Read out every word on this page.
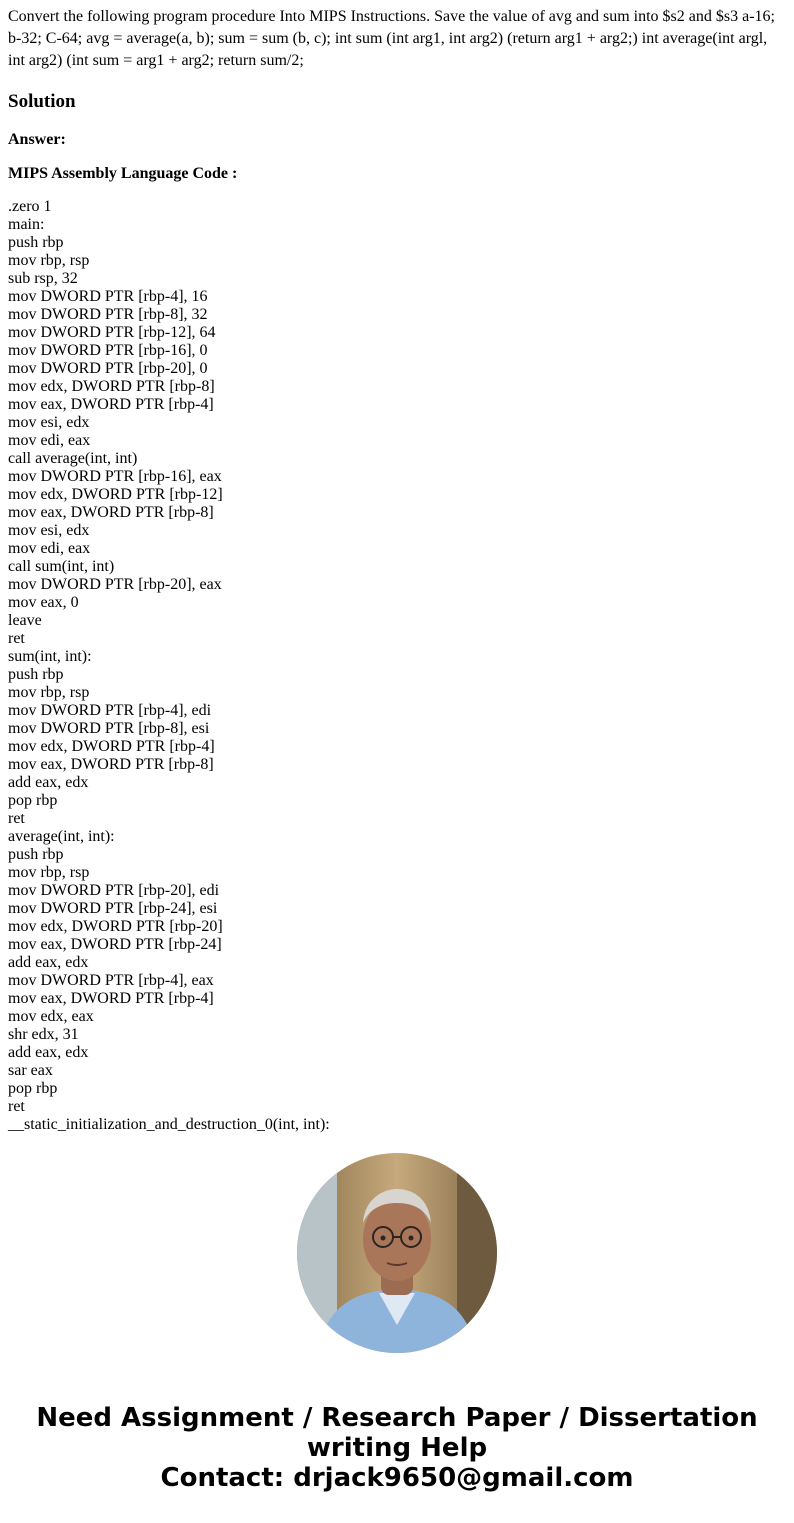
Convert the following program procedure Into MIPS Instructions. Save the value of avg and sum into $s2 and $s3 a-16; b-32; C-64; avg = average(a, b); sum = sum (b, c); int sum (int arg1, int arg2) (return arg1 + arg2;) int average(int argl, int arg2) (int sum = arg1 + arg2; return sum/2;

Solution

Answer:

MIPS Assembly Language Code :

.zero 1
main:
push rbp
mov rbp, rsp
sub rsp, 32
mov DWORD PTR [rbp-4], 16
mov DWORD PTR [rbp-8], 32
mov DWORD PTR [rbp-12], 64
mov DWORD PTR [rbp-16], 0
mov DWORD PTR [rbp-20], 0
mov edx, DWORD PTR [rbp-8]
mov eax, DWORD PTR [rbp-4]
mov esi, edx
mov edi, eax
call average(int, int)
mov DWORD PTR [rbp-16], eax
mov edx, DWORD PTR [rbp-12]
mov eax, DWORD PTR [rbp-8]
mov esi, edx
mov edi, eax
call sum(int, int)
mov DWORD PTR [rbp-20], eax
mov eax, 0
leave
ret
sum(int, int):
push rbp
mov rbp, rsp
mov DWORD PTR [rbp-4], edi
mov DWORD PTR [rbp-8], esi
mov edx, DWORD PTR [rbp-4]
mov eax, DWORD PTR [rbp-8]
add eax, edx
pop rbp
ret
average(int, int):
push rbp
mov rbp, rsp
mov DWORD PTR [rbp-20], edi
mov DWORD PTR [rbp-24], esi
mov edx, DWORD PTR [rbp-20]
mov eax, DWORD PTR [rbp-24]
add eax, edx
mov DWORD PTR [rbp-4], eax
mov eax, DWORD PTR [rbp-4]
mov edx, eax
shr edx, 31
add eax, edx
sar eax
pop rbp
ret
__static_initialization_and_destruction_0(int, int):
Need Assignment / Research Paper / Dissertation
writing Help
Contact: drjack9650@gmail.com
